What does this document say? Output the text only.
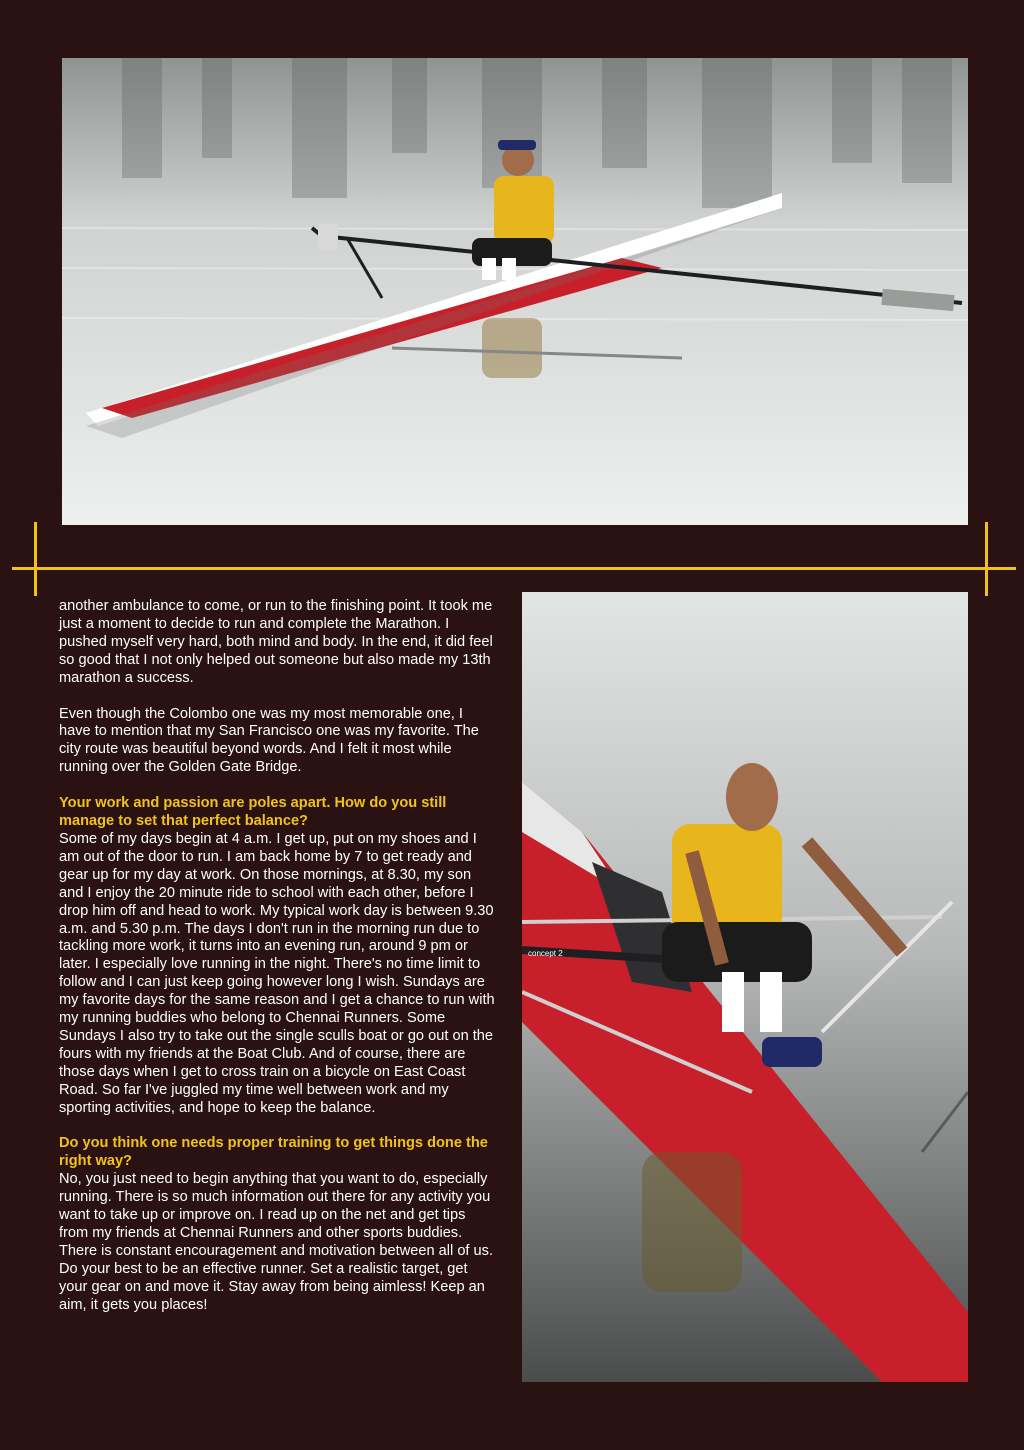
concept 2

another ambulance to come, or run to the finishing point. It took me just a moment to decide to run and complete the Marathon. I pushed myself very hard, both mind and body. In the end, it did feel so good that I not only helped out someone but also made my 13th marathon a success.

Even though the Colombo one was my most memorable one, I have to mention that my San Francisco one was my favorite. The city route was beautiful beyond words. And I felt it most while running over the Golden Gate Bridge.

Your work and passion are poles apart. How do you still manage to set that perfect balance?

Some of my days begin at 4 a.m. I get up, put on my shoes and I am out of the door to run. I am back home by 7 to get ready and gear up for my day at work. On those mornings, at 8.30, my son and I enjoy the 20 minute ride to school with each other, before I drop him off and head to work. My typical work day is between 9.30 a.m. and 5.30 p.m. The days I don't run in the morning run due to tackling more work, it turns into an evening run, around 9 pm or later. I especially love running in the night. There's no time limit to follow and I can just keep going however long I wish. Sundays are my favorite days for the same reason and I get a chance to run with my running buddies who belong to Chennai Runners. Some Sundays I also try to take out the single sculls boat or go out on the fours with my friends at the Boat Club. And of course, there are those days when I get to cross train on a bicycle on East Coast Road. So far I've juggled my time well between work and my sporting activities, and hope to keep the balance.

Do you think one needs proper training to get things done the right way?

No, you just need to begin anything that you want to do, especially running. There is so much information out there for any activity you want to take up or improve on. I read up on the net and get tips from my friends at Chennai Runners and other sports buddies. There is constant encouragement and motivation between all of us. Do your best to be an effective runner. Set a realistic target, get your gear on and move it. Stay away from being aimless! Keep an aim, it gets you places!
